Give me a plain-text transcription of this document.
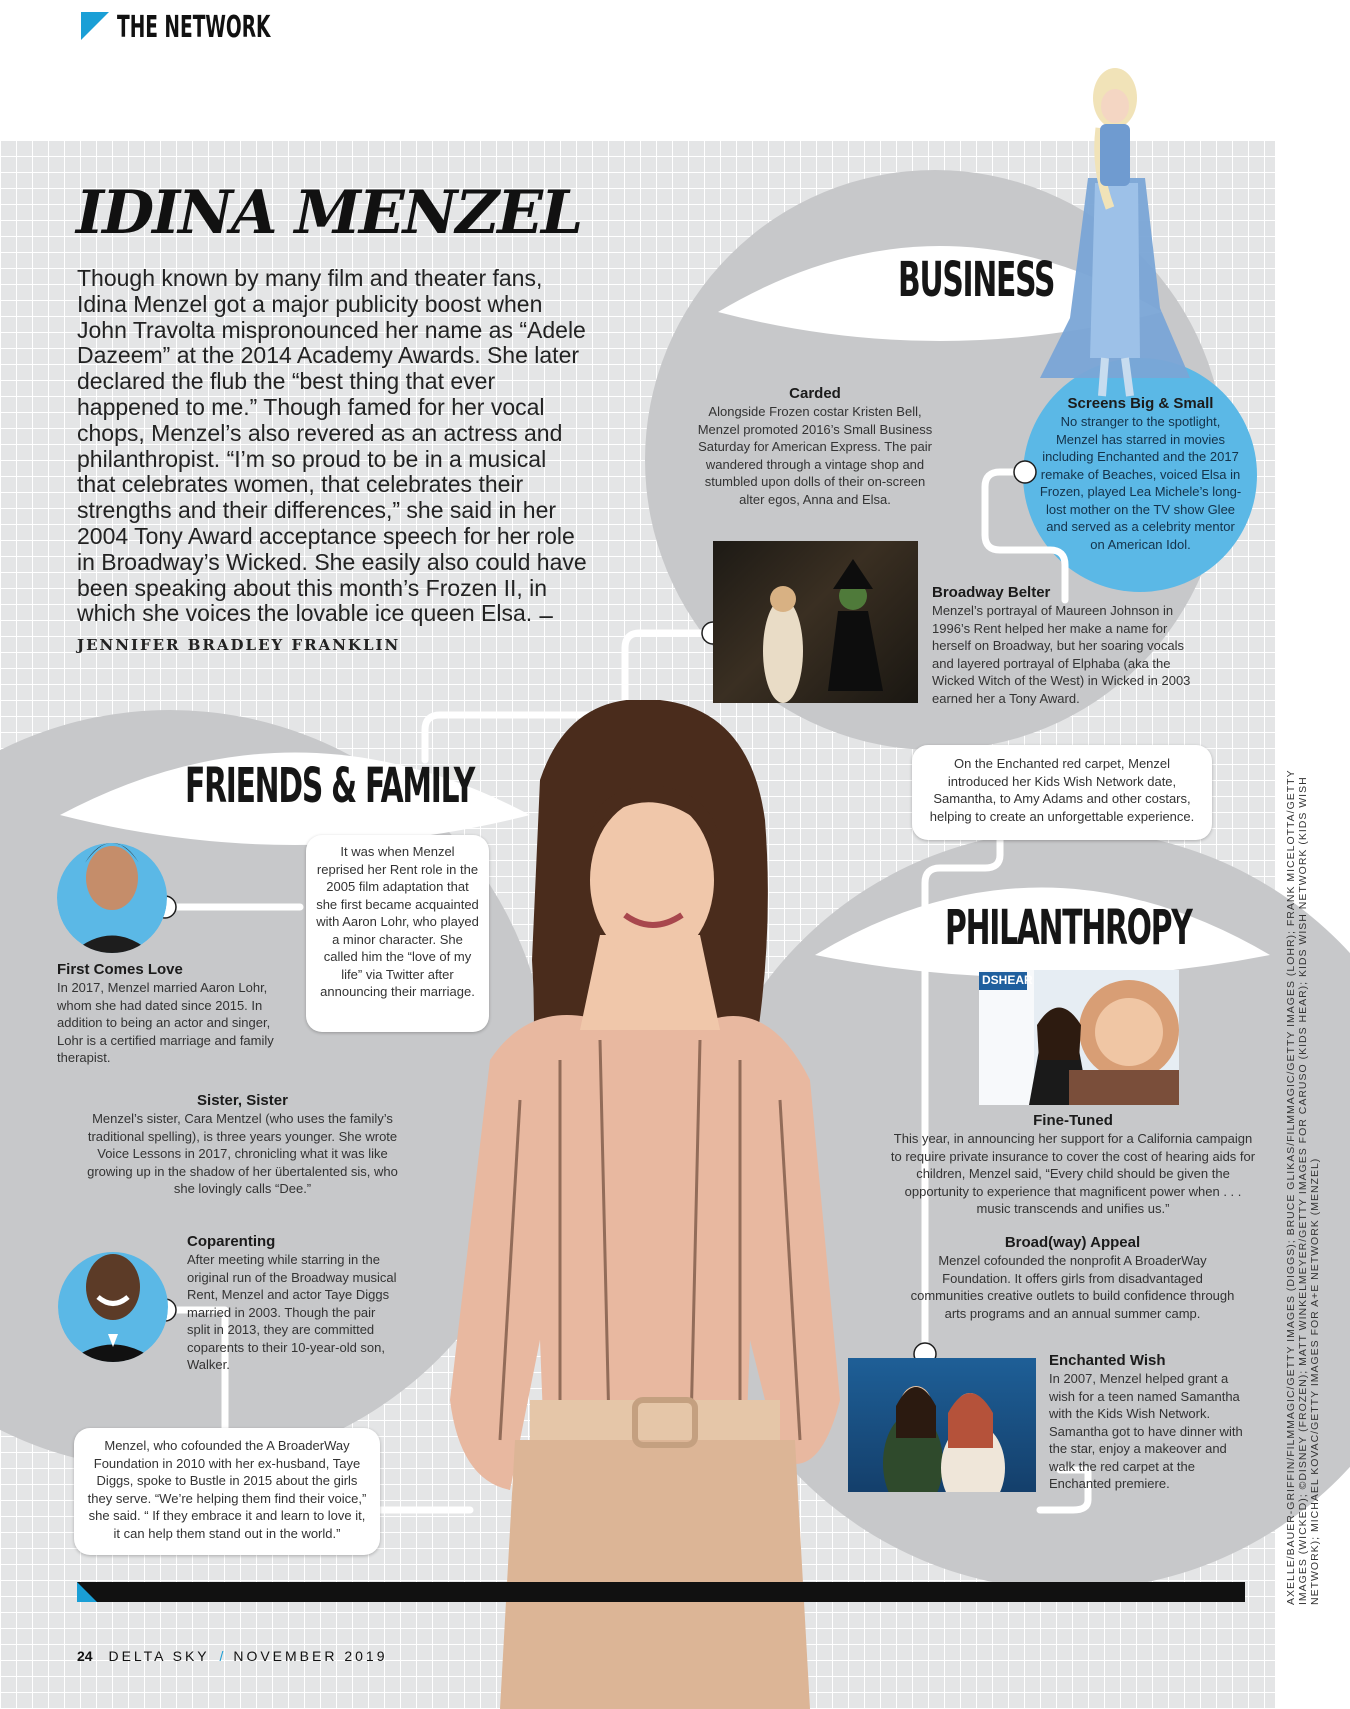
THE NETWORK
IDINA MENZEL
Though known by many film and theater fans, Idina Menzel got a major publicity boost when John Travolta mispronounced her name as “Adele Dazeem” at the 2014 Academy Awards. She later declared the flub the “best thing that ever happened to me.” Though famed for her vocal chops, Menzel’s also revered as an actress and philanthropist. “I’m so proud to be in a musical that celebrates women, that celebrates their strengths and their differences,” she said in her 2004 Tony Award acceptance speech for her role in Broadway’s Wicked. She easily also could have been speaking about this month’s Frozen II, in which she voices the lovable ice queen Elsa. — JENNIFER BRADLEY FRANKLIN
BUSINESS
FRIENDS & FAMILY
PHILANTHROPY
Carded
Alongside Frozen costar Kristen Bell, Menzel promoted 2016’s Small Business Saturday for American Express. The pair wandered through a vintage shop and stumbled upon dolls of their on-screen alter egos, Anna and Elsa.
Screens Big & Small
No stranger to the spotlight, Menzel has starred in movies including Enchanted and the 2017 remake of Beaches, voiced Elsa in Frozen, played Lea Michele’s long-lost mother on the TV show Glee and served as a celebrity mentor on American Idol.
Broadway Belter
Menzel’s portrayal of Maureen Johnson in 1996’s Rent helped her make a name for herself on Broadway, but her soaring vocals and layered portrayal of Elphaba (aka the Wicked Witch of the West) in Wicked in 2003 earned her a Tony Award.
On the Enchanted red carpet, Menzel introduced her Kids Wish Network date, Samantha, to Amy Adams and other costars, helping to create an unforgettable experience.
It was when Menzel reprised her Rent role in the 2005 film adaptation that she first became acquainted with Aaron Lohr, who played a minor character. She called him the “love of my life” via Twitter after announcing their marriage.
First Comes Love
In 2017, Menzel married Aaron Lohr, whom she had dated since 2015. In addition to being an actor and singer, Lohr is a certified marriage and family therapist.
Sister, Sister
Menzel’s sister, Cara Mentzel (who uses the family’s traditional spelling), is three years younger. She wrote Voice Lessons in 2017, chronicling what it was like growing up in the shadow of her übertalented sis, who she lovingly calls “Dee.”
Coparenting
After meeting while starring in the original run of the Broadway musical Rent, Menzel and actor Taye Diggs married in 2003. Though the pair split in 2013, they are committed coparents to their 10-year-old son, Walker.
Menzel, who cofounded the A BroaderWay Foundation in 2010 with her ex-husband, Taye Diggs, spoke to Bustle in 2015 about the girls they serve. “We’re helping them find their voice,” she said. “ If they embrace it and learn to love it, it can help them stand out in the world.”
DSHEAR
Fine-Tuned
This year, in announcing her support for a California campaign to require private insurance to cover the cost of hearing aids for children, Menzel said, “Every child should be given the opportunity to experience that magnificent power when . . . music transcends and unifies us.”
Broad(way) Appeal
Menzel cofounded the nonprofit A BroaderWay Foundation. It offers girls from disadvantaged communities creative outlets to build confidence through arts programs and an annual summer camp.
Enchanted Wish
In 2007, Menzel helped grant a wish for a teen named Samantha with the Kids Wish Network. Samantha got to have dinner with the star, enjoy a makeover and walk the red carpet at the Enchanted premiere.
24 DELTA SKY / NOVEMBER 2019
AXELLE/BAUER-GRIFFIN/FILMMAGIC/GETTY IMAGES (DIGGS); BRUCE GLIKAS/FILMMAGIC/GETTY IMAGES (LOHR); FRANK MICELOTTA/GETTY IMAGES (WICKED); ©DISNEY (FROZEN); MATT WINKELMEYER/GETTY IMAGES FOR CARUSO (KIDS HEAR); KIDS WISH NETWORK (KIDS WISH NETWORK); MICHAEL KOVAC/GETTY IMAGES FOR A+E NETWORK (MENZEL)
